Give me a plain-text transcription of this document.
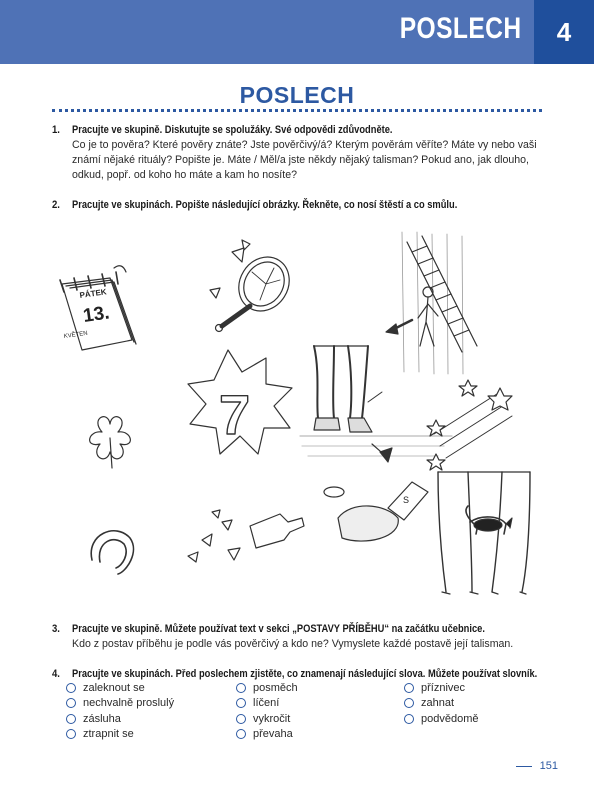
POSLECH	4
POSLECH
1. Pracujte ve skupině. Diskutujte se spolužáky. Své odpovědi zdůvodněte.
Co je to pověra? Které pověry znáte? Jste pověrčivý/á? Kterým pověrám věříte? Máte vy nebo vaši
známí nějaké rituály? Popište je. Máte / Měl/a jste někdy nějaký talisman? Pokud ano, jak dlouho,
odkud, popř. od koho ho máte a kam ho nosíte?
2. Pracujte ve skupinách. Popište následující obrázky. Řekněte, co nosí štěstí a co smůlu.
PÁTEK
13.
KVĚTEN
7
S
3. Pracujte ve skupině. Můžete používat text v sekci „POSTAVY PŘÍBĚHU“ na začátku učebnice.
Kdo z postav příběhu je podle vás pověrčivý a kdo ne? Vymyslete každé postavě její talisman.
4. Pracujte ve skupinách. Před poslechem zjistěte, co znamenají následující slova. Můžete používat slovník.
zaleknout se
nechvalně proslulý
zásluha
ztrapnit se
posměch
líčení
vykročit
převaha
příznivec
zahnat
podvědomě
151
